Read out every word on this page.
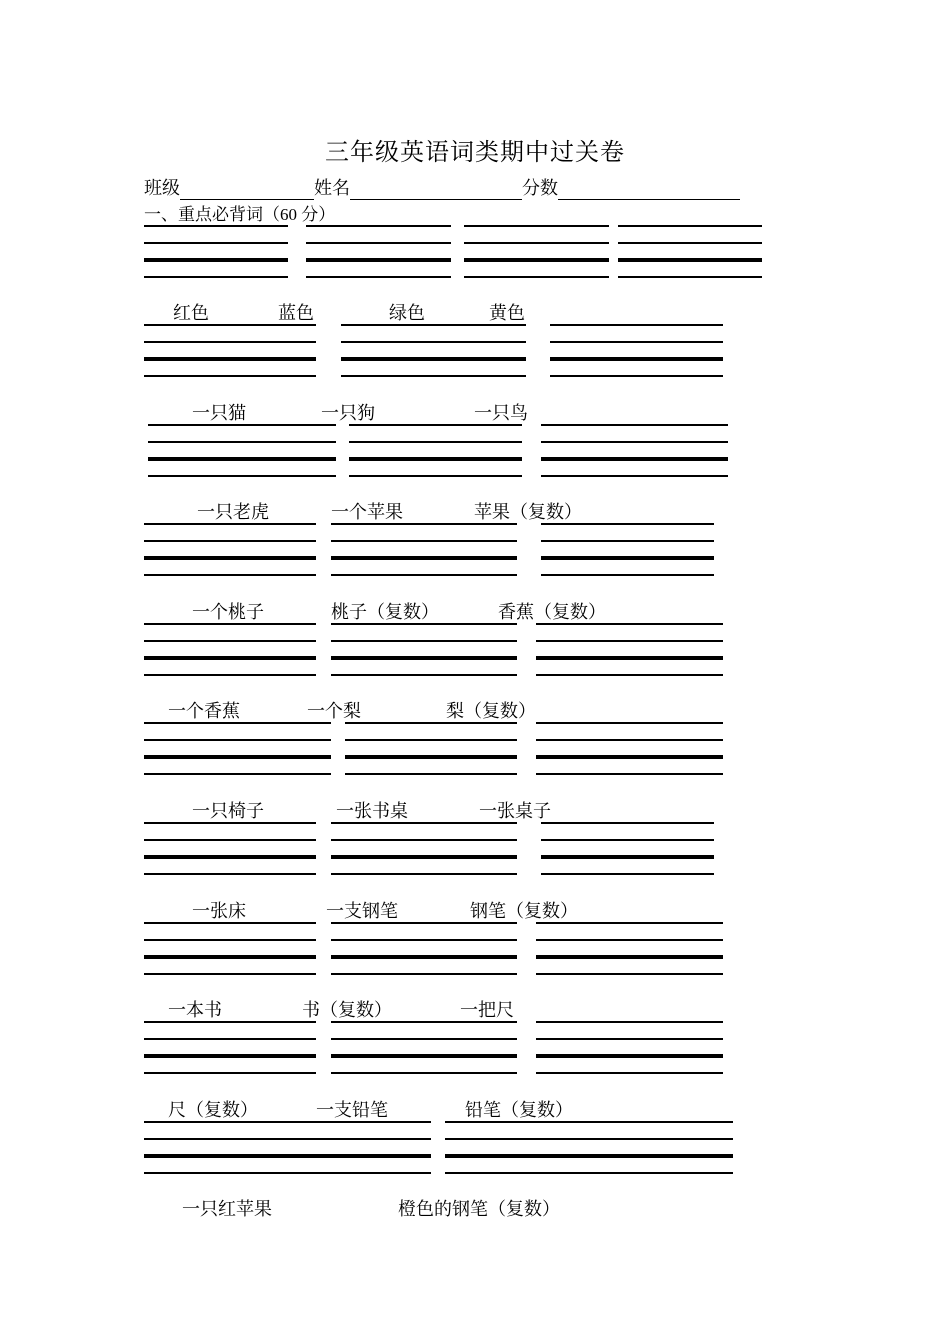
三年级英语词类期中过关卷
班级	姓名	分数
一、重点必背词（60 分）
红色	蓝色	绿色	黄色
一只猫	一只狗	一只鸟
一只老虎	一个苹果	苹果（复数）
一个桃子	桃子（复数）	香蕉（复数）
一个香蕉	一个梨	梨（复数）
一只椅子	一张书桌	一张桌子
一张床	一支钢笔	钢笔（复数）
一本书	书（复数）	一把尺
尺（复数）	一支铅笔	铅笔（复数）
一只红苹果	橙色的钢笔（复数）
